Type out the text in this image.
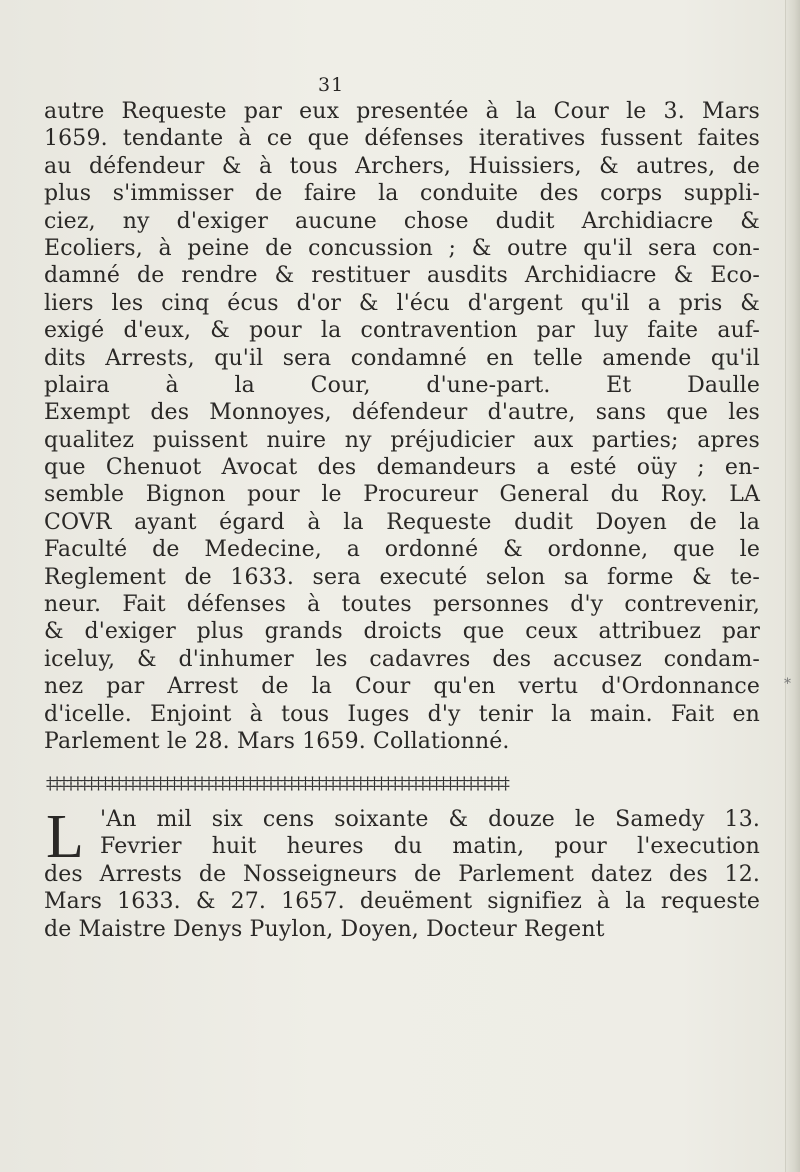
31
autre Requeste par eux presentée à la Cour le 3. Mars
1659. tendante à ce que défenses iteratives fussent faites
au défendeur & à tous Archers, Huissiers, & autres, de
plus s'immisser de faire la conduite des corps suppli-
ciez, ny d'exiger aucune chose dudit Archidiacre &
Ecoliers, à peine de concussion ; & outre qu'il sera con-
damné de rendre & restituer ausdits Archidiacre & Eco-
liers les cinq écus d'or & l'écu d'argent qu'il a pris &
exigé d'eux, & pour la contravention par luy faite auf-
dits Arrests, qu'il sera condamné en telle amende qu'il
plaira à la Cour, d'une-part. Et Daulle
Exempt des Monnoyes, défendeur d'autre, sans que les
qualitez puissent nuire ny préjudicier aux parties; apres
que Chenuot Avocat des demandeurs a esté oüy ; en-
semble Bignon pour le Procureur General du Roy. LA
COVR ayant égard à la Requeste dudit Doyen de la
Faculté de Medecine, a ordonné & ordonne, que le
Reglement de 1633. sera executé selon sa forme & te-
neur. Fait défenses à toutes personnes d'y contrevenir,
& d'exiger plus grands droicts que ceux attribuez par
iceluy, & d'inhumer les cadavres des accusez condam-
nez par Arrest de la Cour qu'en vertu d'Ordonnance
d'icelle. Enjoint à tous Iuges d'y tenir la main. Fait en
Parlement le 28. Mars 1659. Collationné.
‡‡‡‡‡‡‡‡‡‡‡‡‡‡‡‡‡‡‡‡‡‡‡‡‡‡‡‡‡‡‡‡‡‡‡‡‡‡‡‡‡‡‡‡‡‡‡‡‡‡‡‡‡‡‡‡‡‡‡‡‡‡‡‡‡‡‡
L 'An mil six cens soixante & douze le Samedy 13.
Fevrier huit heures du matin, pour l'execution
des Arrests de Nosseigneurs de Parlement datez des 12.
Mars 1633. & 27. 1657. deuëment signifiez à la requeste
de Maistre Denys Puylon, Doyen, Docteur Regent
*
